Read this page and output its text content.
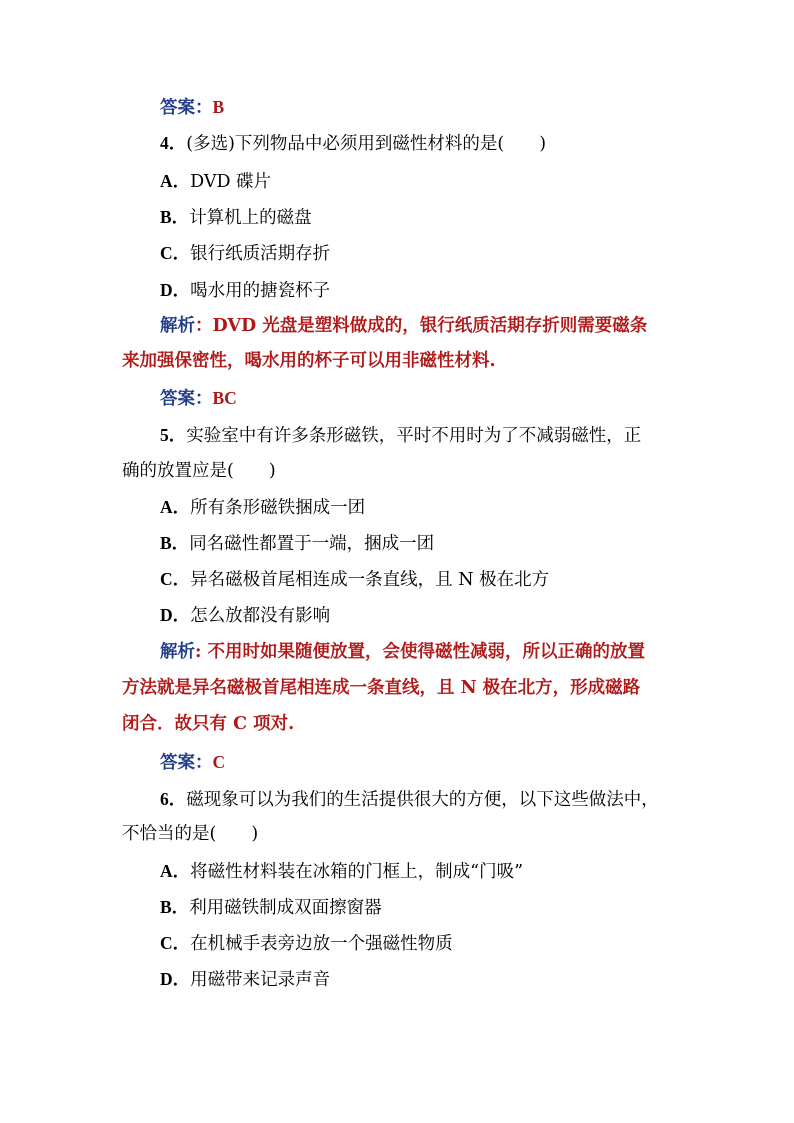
答案：B
4．(多选)下列物品中必须用到磁性材料的是(　　)
A．DVD 碟片
B．计算机上的磁盘
C．银行纸质活期存折
D．喝水用的搪瓷杯子
解析：DVD 光盘是塑料做成的，银行纸质活期存折则需要磁条
来加强保密性，喝水用的杯子可以用非磁性材料.
答案：BC
5．实验室中有许多条形磁铁，平时不用时为了不减弱磁性，正
确的放置应是(　　)
A．所有条形磁铁捆成一团
B．同名磁性都置于一端，捆成一团
C．异名磁极首尾相连成一条直线，且 N 极在北方
D．怎么放都没有影响
解析: 不用时如果随便放置，会使得磁性减弱，所以正确的放置
方法就是异名磁极首尾相连成一条直线，且 N 极在北方，形成磁路
闭合．故只有 C 项对.
答案：C
6．磁现象可以为我们的生活提供很大的方便，以下这些做法中，
不恰当的是(　　)
A．将磁性材料装在冰箱的门框上，制成“门吸”
B．利用磁铁制成双面擦窗器
C．在机械手表旁边放一个强磁性物质
D．用磁带来记录声音
